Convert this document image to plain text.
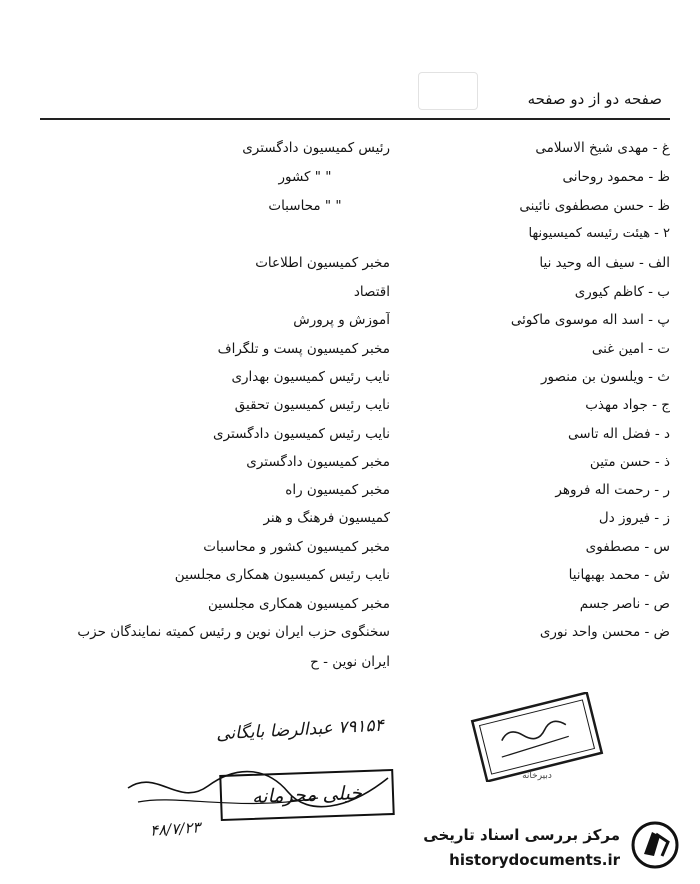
صفحه دو از دو صفحه
غ - مهدی شیخ الاسلامی
رئیس کمیسیون دادگستری
ظ - محمود روحانی
" " کشور
ظ - حسن مصطفوی نائینی
" " محاسبات
۲ - هیئت رئیسه کمیسیونها
الف - سیف اله وحید نیا
مخبر کمیسیون اطلاعات
ب - کاظم کیوری
اقتصاد
پ - اسد اله موسوی ماکوئی
آموزش و پرورش
ت - امین غنی
مخبر کمیسیون پست و تلگراف
ث - ویلسون بن منصور
نایب رئیس کمیسیون بهداری
ج - جواد مهذب
نایب رئیس کمیسیون تحقیق
د - فضل اله تاسی
نایب رئیس کمیسیون دادگستری
ذ - حسن متین
مخبر کمیسیون دادگستری
ر - رحمت اله فروهر
مخبر کمیسیون راه
ز - فیروز دل
کمیسیون فرهنگ و هنر
س - مصطفوی
مخبر کمیسیون کشور و محاسبات
ش - محمد بهبهانیا
نایب رئیس کمیسیون همکاری مجلسین
ص - ناصر جسم
مخبر کمیسیون همکاری مجلسین
ض - محسن واحد نوری
سخنگوی حزب ایران نوین و رئیس کمیته نمایندگان حزب
ایران نوین - ح
دبیرخانه
۷۹۱۵۴ عبدالرضا بایگانی
خیلی محرمانه
۴۸/۷/۲۳	مرکز بررسی اسناد تاریخی
historydocuments.ir
